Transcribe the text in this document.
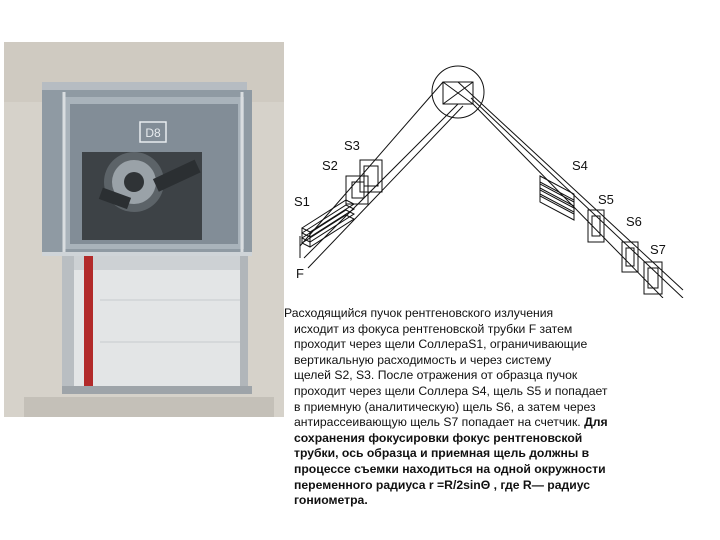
D8
S3
S2
S1
F
S4
S5
S6
S7
Расходящийся пучок рентгеновского излучения
исходит из фокуса рентгеновской трубки F затем
проходит через щели СоллераS1, ограничивающие
вертикальную расходимость и через систему
щелей S2, S3. После отражения от образца пучок
проходит через щели Соллера S4, щель S5 и попадает
в приемную (аналитическую) щель S6, а затем через
антирассеивающую щель S7 попадает на счетчик. Для
сохранения фокусировки фокус рентгеновской
трубки, ось образца и приемная щель должны в
процессе съемки находиться на одной окружности
переменного радиуса r =R/2sinΘ , где R— радиус
гониометра.
